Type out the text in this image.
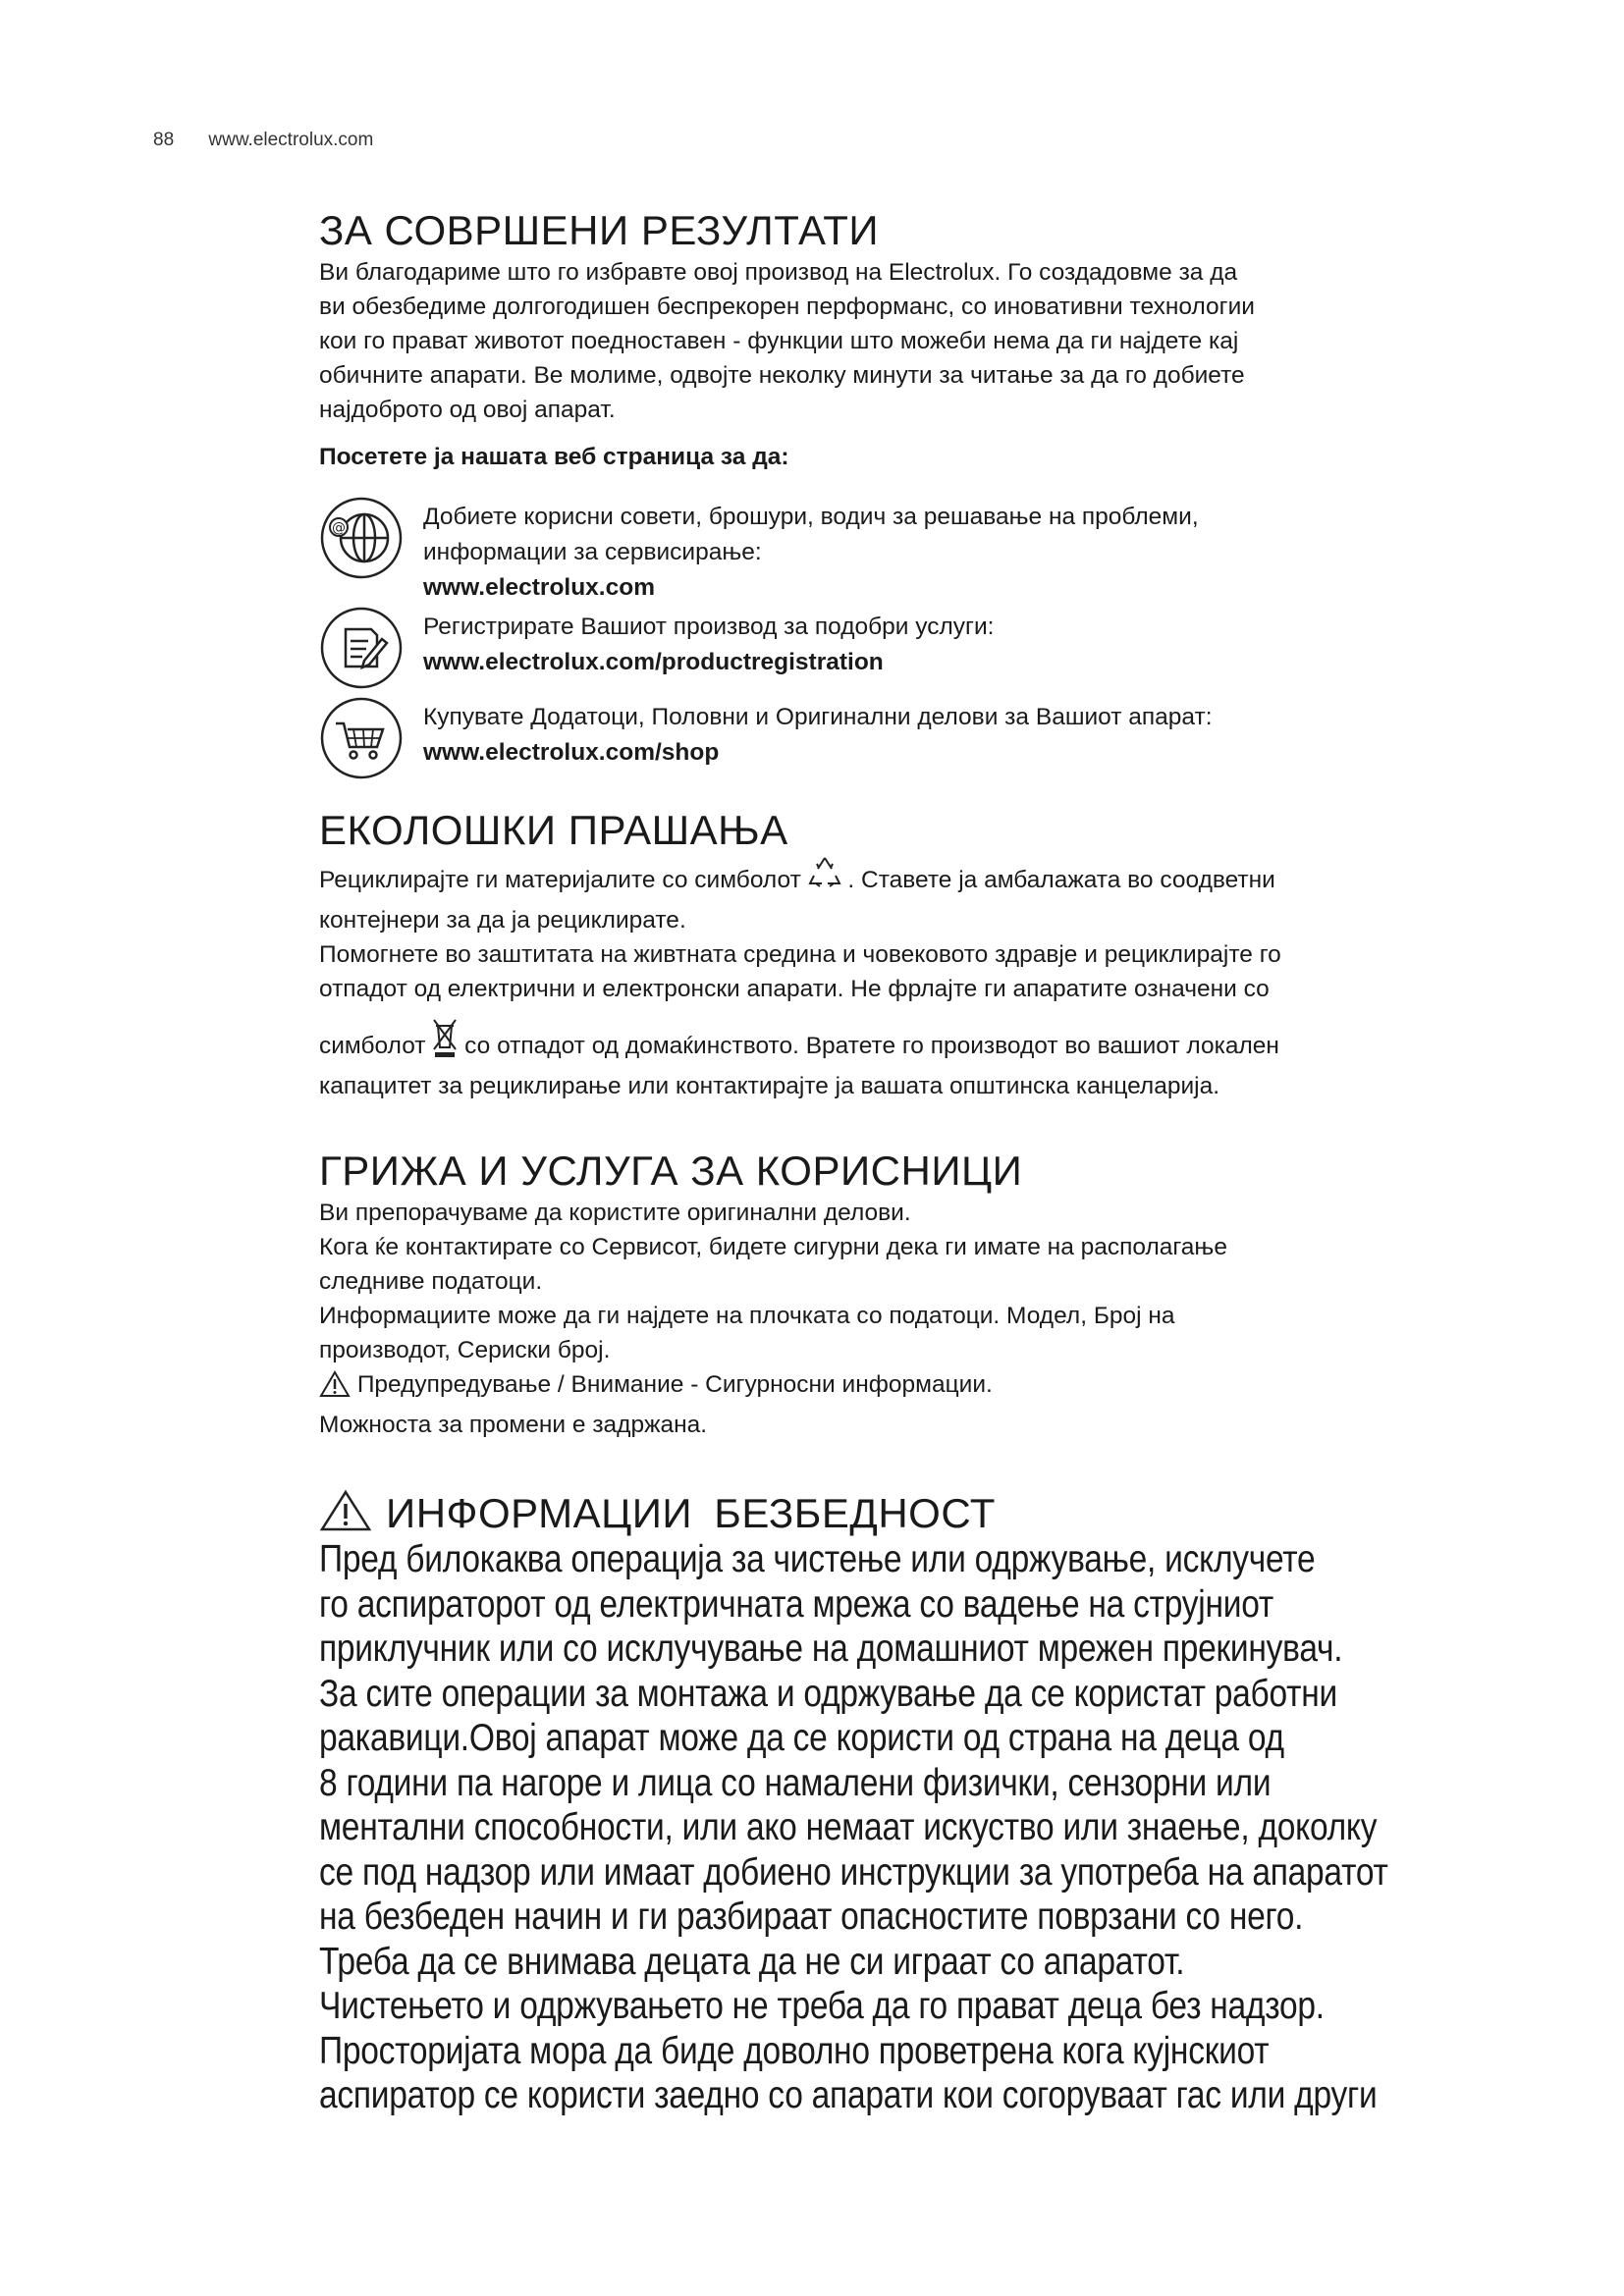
88 www.electrolux.com
ЗА СОВРШЕНИ РЕЗУЛТАТИ

Ви благодариме што го избравте овој производ на Electrolux. Го создадовме за да

ви обезбедиме долгогодишен беспрекорен перформанс, со иновативни технологии

кои го прават животот поедноставен - функции што можеби нема да ги најдете кај

обичните апарати. Ве молиме, одвојте неколку минути за читање за да го добиете

најдоброто од овој апарат.

Посетете ја нашата веб страница за да:

@	Добиете корисни совети, брошури, водич за решавање на проблеми,

информации за сервисирање:

www.electrolux.com

Регистрирате Вашиот производ за подобри услуги:

www.electrolux.com/productregistration

Купувате Додатоци, Половни и Оригинални делови за Вашиот апарат:

www.electrolux.com/shop

ЕКОЛОШКИ ПРАШАЊА

Рециклирајте ги материјалите со симболот . Ставете ја амбалажата во соодветни

контејнери за да ја рециклирате.

Помогнете во заштитата на живтната средина и човековото здравје и рециклирајте го

отпадот од електрични и електронски апарати. Не фрлајте ги апаратите означени со

симболот со отпадот од домаќинството. Вратете го производот во вашиот локален

капацитет за рециклирање или контактирајте ја вашата општинска канцеларија.

ГРИЖА И УСЛУГА ЗА КОРИСНИЦИ

Ви препорачуваме да користите оригинални делови.

Кога ќе контактирате со Сервисот, бидете сигурни дека ги имате на располагање

следниве податоци.

Информациите може да ги најдете на плочката со податоци. Модел, Број на

производот, Сериски број.

Предупредување / Внимание - Сигурносни информации.

Можноста за промени е задржана.

ИНФОРМАЦИИ БЕЗБЕДНОСТ

Пред билокаква операција за чистење или одржување, исклучете

го аспираторот од електричната мрежа со вадење на струјниот

приклучник или со исклучување на домашниот мрежен прекинувач.

За сите операции за монтажа и одржување да се користат работни

ракавици.Овој апарат може да се користи од страна на деца од

8 години па нагоре и лица со намалени физички, сензорни или

ментални способности, или ако немаат искуство или знаење, доколку

се под надзор или имаат добиено инструкции за употреба на апаратот

на безбеден начин и ги разбираат опасностите поврзани со него.

Треба да се внимава децата да не си играат со апаратот.

Чистењето и одржувањето не треба да го прават деца без надзор.

Просторијата мора да биде доволно проветрена кога кујнскиот

аспиратор се користи заедно со апарати кои согоруваат гас или други
